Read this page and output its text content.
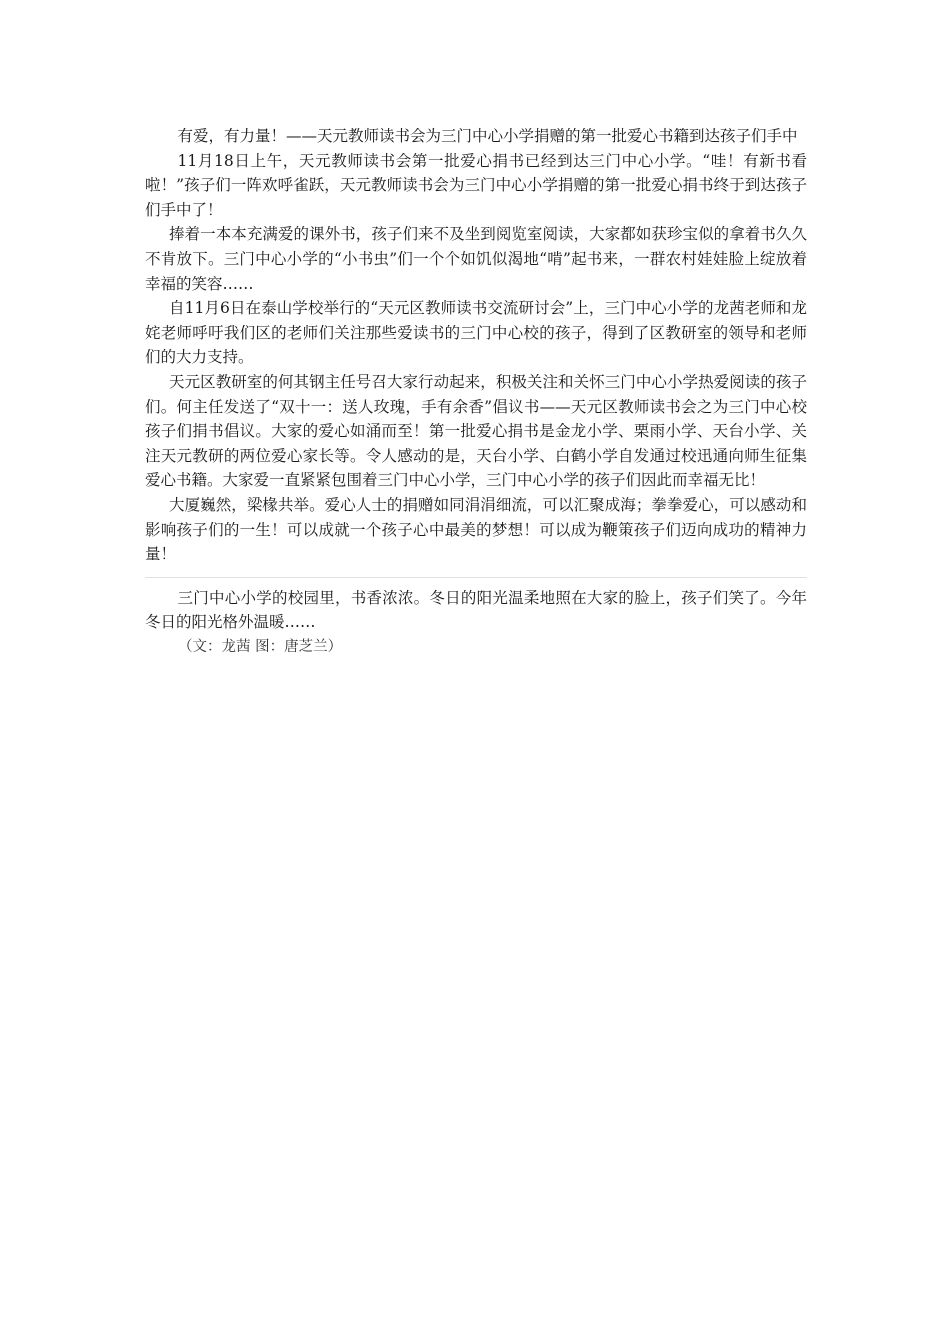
有爱，有力量！——天元教师读书会为三门中心小学捐赠的第一批爱心书籍到达孩子们手中

11月18日上午，天元教师读书会第一批爱心捐书已经到达三门中心小学。“哇！有新书看啦！”孩子们一阵欢呼雀跃，天元教师读书会为三门中心小学捐赠的第一批爱心捐书终于到达孩子们手中了！

捧着一本本充满爱的课外书，孩子们来不及坐到阅览室阅读，大家都如获珍宝似的拿着书久久不肯放下。三门中心小学的“小书虫”们一个个如饥似渴地“啃”起书来，一群农村娃娃脸上绽放着幸福的笑容……

自11月6日在泰山学校举行的“天元区教师读书交流研讨会”上，三门中心小学的龙茜老师和龙姹老师呼吁我们区的老师们关注那些爱读书的三门中心校的孩子，得到了区教研室的领导和老师们的大力支持。

天元区教研室的何其钢主任号召大家行动起来，积极关注和关怀三门中心小学热爱阅读的孩子们。何主任发送了“双十一：送人玫瑰，手有余香”倡议书——天元区教师读书会之为三门中心校孩子们捐书倡议。大家的爱心如涌而至！第一批爱心捐书是金龙小学、栗雨小学、天台小学、关注天元教研的两位爱心家长等。令人感动的是，天台小学、白鹤小学自发通过校迅通向师生征集爱心书籍。大家爱一直紧紧包围着三门中心小学，三门中心小学的孩子们因此而幸福无比！

大厦巍然，梁椽共举。爱心人士的捐赠如同涓涓细流，可以汇聚成海；拳拳爱心，可以感动和影响孩子们的一生！可以成就一个孩子心中最美的梦想！可以成为鞭策孩子们迈向成功的精神力量！

三门中心小学的校园里，书香浓浓。冬日的阳光温柔地照在大家的脸上，孩子们笑了。今年冬日的阳光格外温暖……

（文：龙茜 图：唐芝兰）
